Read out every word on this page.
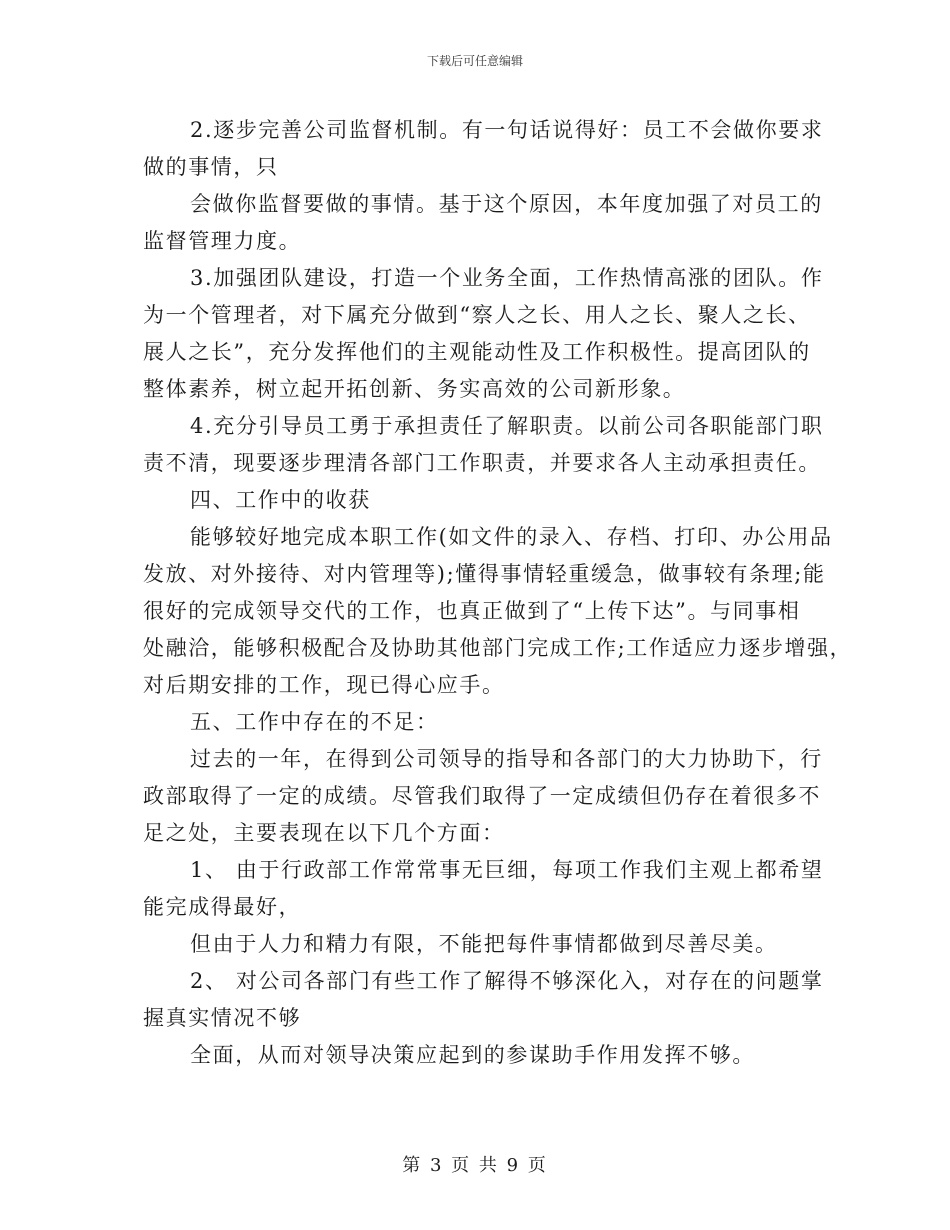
下载后可任意编辑

2.逐步完善公司监督机制。有一句话说得好：员工不会做你要求

做的事情，只

会做你监督要做的事情。基于这个原因，本年度加强了对员工的

监督管理力度。

3.加强团队建设，打造一个业务全面，工作热情高涨的团队。作

为一个管理者，对下属充分做到“察人之长、用人之长、聚人之长、

展人之长”，充分发挥他们的主观能动性及工作积极性。提高团队的

整体素养，树立起开拓创新、务实高效的公司新形象。

4.充分引导员工勇于承担责任了解职责。以前公司各职能部门职

责不清，现要逐步理清各部门工作职责，并要求各人主动承担责任。

四、工作中的收获

能够较好地完成本职工作(如文件的录入、存档、打印、办公用品

发放、对外接待、对内管理等);懂得事情轻重缓急，做事较有条理;能

很好的完成领导交代的工作，也真正做到了“上传下达”。与同事相

处融洽，能够积极配合及协助其他部门完成工作;工作适应力逐步增强，

对后期安排的工作，现已得心应手。

五、工作中存在的不足：

过去的一年，在得到公司领导的指导和各部门的大力协助下，行

政部取得了一定的成绩。尽管我们取得了一定成绩但仍存在着很多不

足之处，主要表现在以下几个方面：

1、 由于行政部工作常常事无巨细，每项工作我们主观上都希望

能完成得最好，

但由于人力和精力有限，不能把每件事情都做到尽善尽美。

2、 对公司各部门有些工作了解得不够深化入，对存在的问题掌

握真实情况不够

全面，从而对领导决策应起到的参谋助手作用发挥不够。

第 3 页 共 9 页
